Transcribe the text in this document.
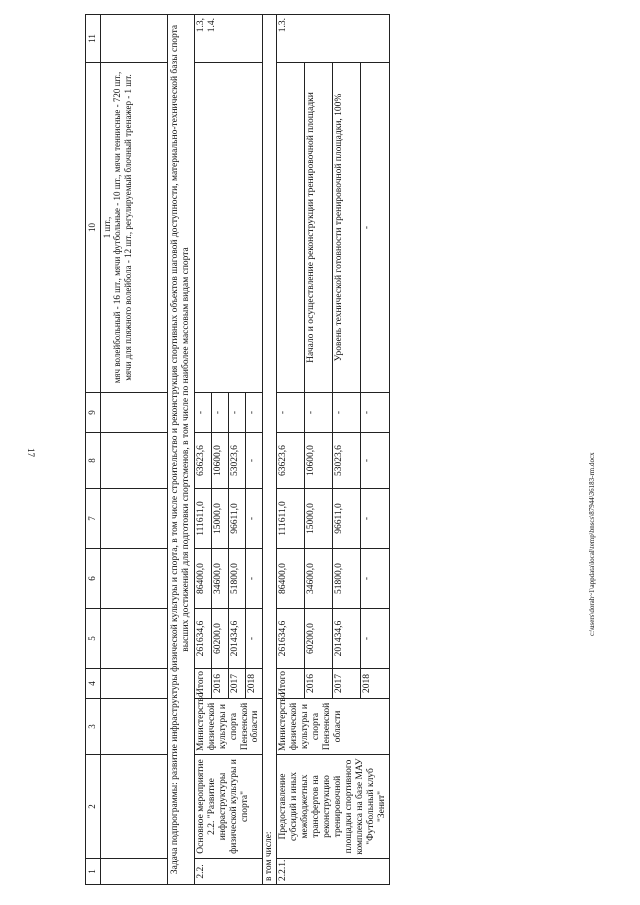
17	c:\users\dorah~1\appdata\local\temp\bnscs\87944\36183-rm.docx
1	2	3	4	5	6	7	8	9	10	11
									1 шт.,
мяч волейбольный - 16 шт., мячи футбольные - 10 шт., мячи теннисные - 720 шт.,
мячи для пляжного волейбола - 12 шт., регулируемый блочный тренажер - 1 шт.	
Задача подпрограммы: развитие инфраструктуры физической культуры и спорта, в том числе строительство и реконструкция спортивных объектов шаговой доступности, материально-технической базы спорта высших достижений для подготовки спортсменов, в том числе по наиболее массовым видам спорта										
2.2.	Основное мероприятие 2.2. "Развитие инфраструктуры физической культуры и спорта"	Министерство физической культуры и спорта Пензенской области	Итого	261634,6	86400,0	111611,0	63623,6	-		1.3,
1.4.
			2016	60200,0	34600,0	15000,0	10600,0	-		
			2017	201434,6	51800,0	96611,0	53023,6	-		
			2018	-	-	-	-	-		
в том числе:										
2.2.1.	Предоставление субсидий и иных межбюджетных трансфертов на реконструкцию тренировочной площадки спортивного комплекса на базе МАУ "Футбольный клуб "Зенит"	Министерство физической культуры и спорта Пензенской области	Итого	261634,6	86400,0	111611,0	63623,6	-		1.3.
			2016	60200,0	34600,0	15000,0	10600,0	-	Начало и осуществление реконструкции тренировочной площадки	
			2017	201434,6	51800,0	96611,0	53023,6	-	Уровень технической готовности тренировочной площадки, 100%	
			2018	-	-	-	-	-	-	
